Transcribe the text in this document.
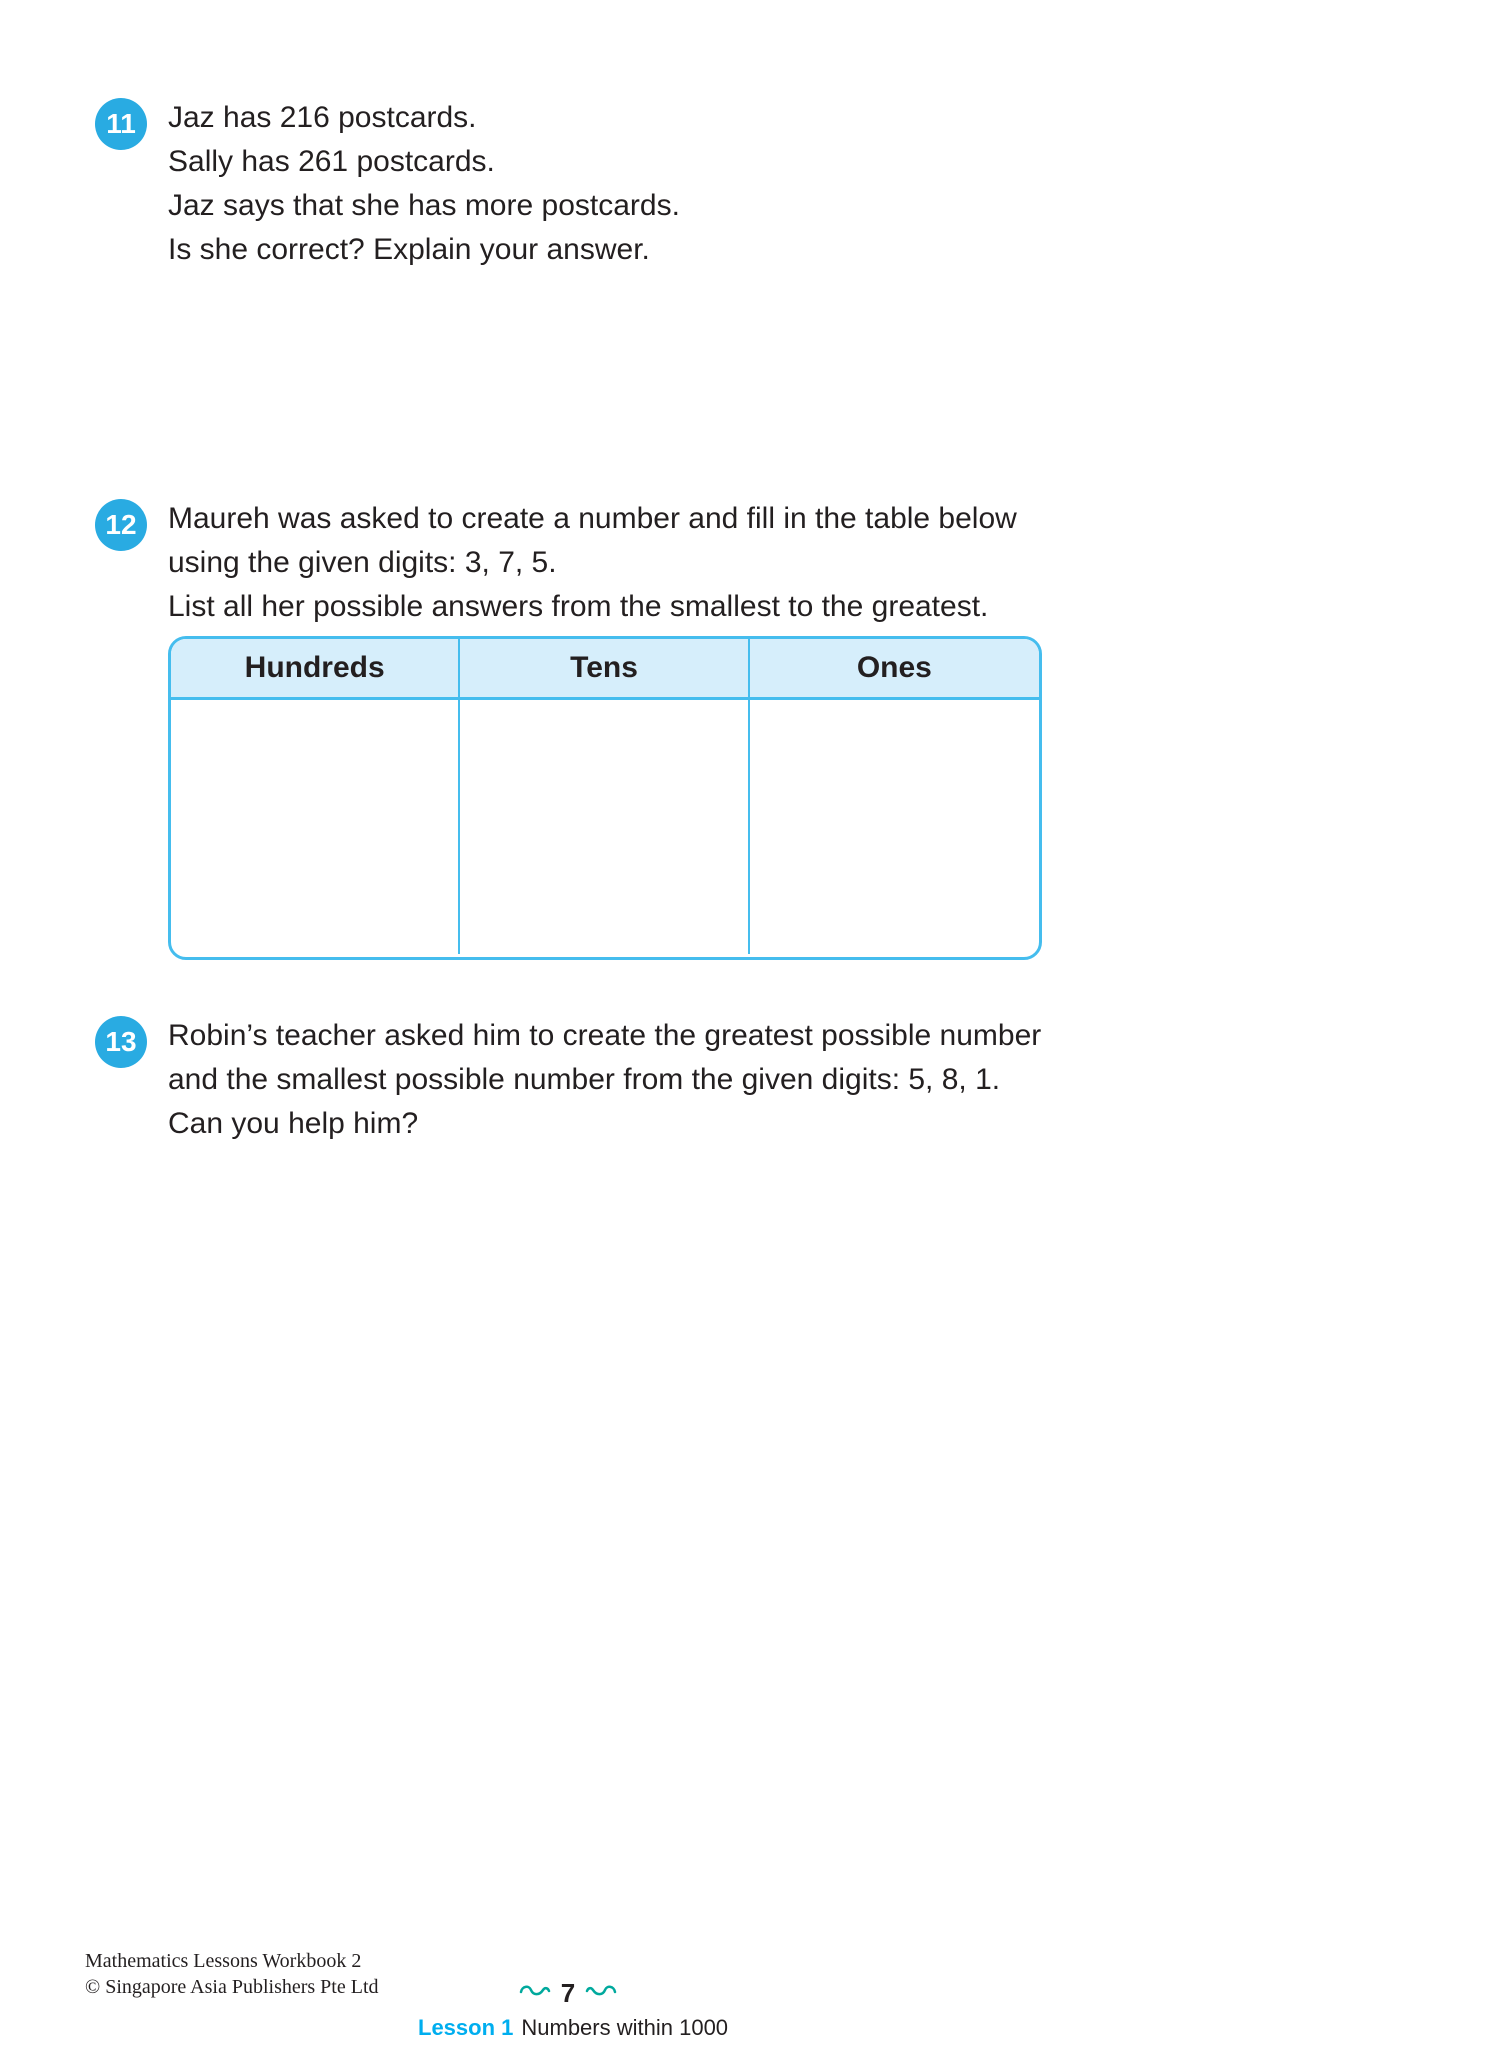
11	Jaz has 216 postcards.

Sally has 261 postcards.

Jaz says that she has more postcards.

Is she correct? Explain your answer.

12	Maureh was asked to create a number and fill in the table below

using the given digits: 3, 7, 5.

List all her possible answers from the smallest to the greatest.

Hundreds	Tens	Ones
13	Robin’s teacher asked him to create the greatest possible number

and the smallest possible number from the given digits: 5, 8, 1.

Can you help him?

Mathematics Lessons Workbook 2

© Singapore Asia Publishers Pte Ltd	7
Lesson 1 Numbers within 1000
